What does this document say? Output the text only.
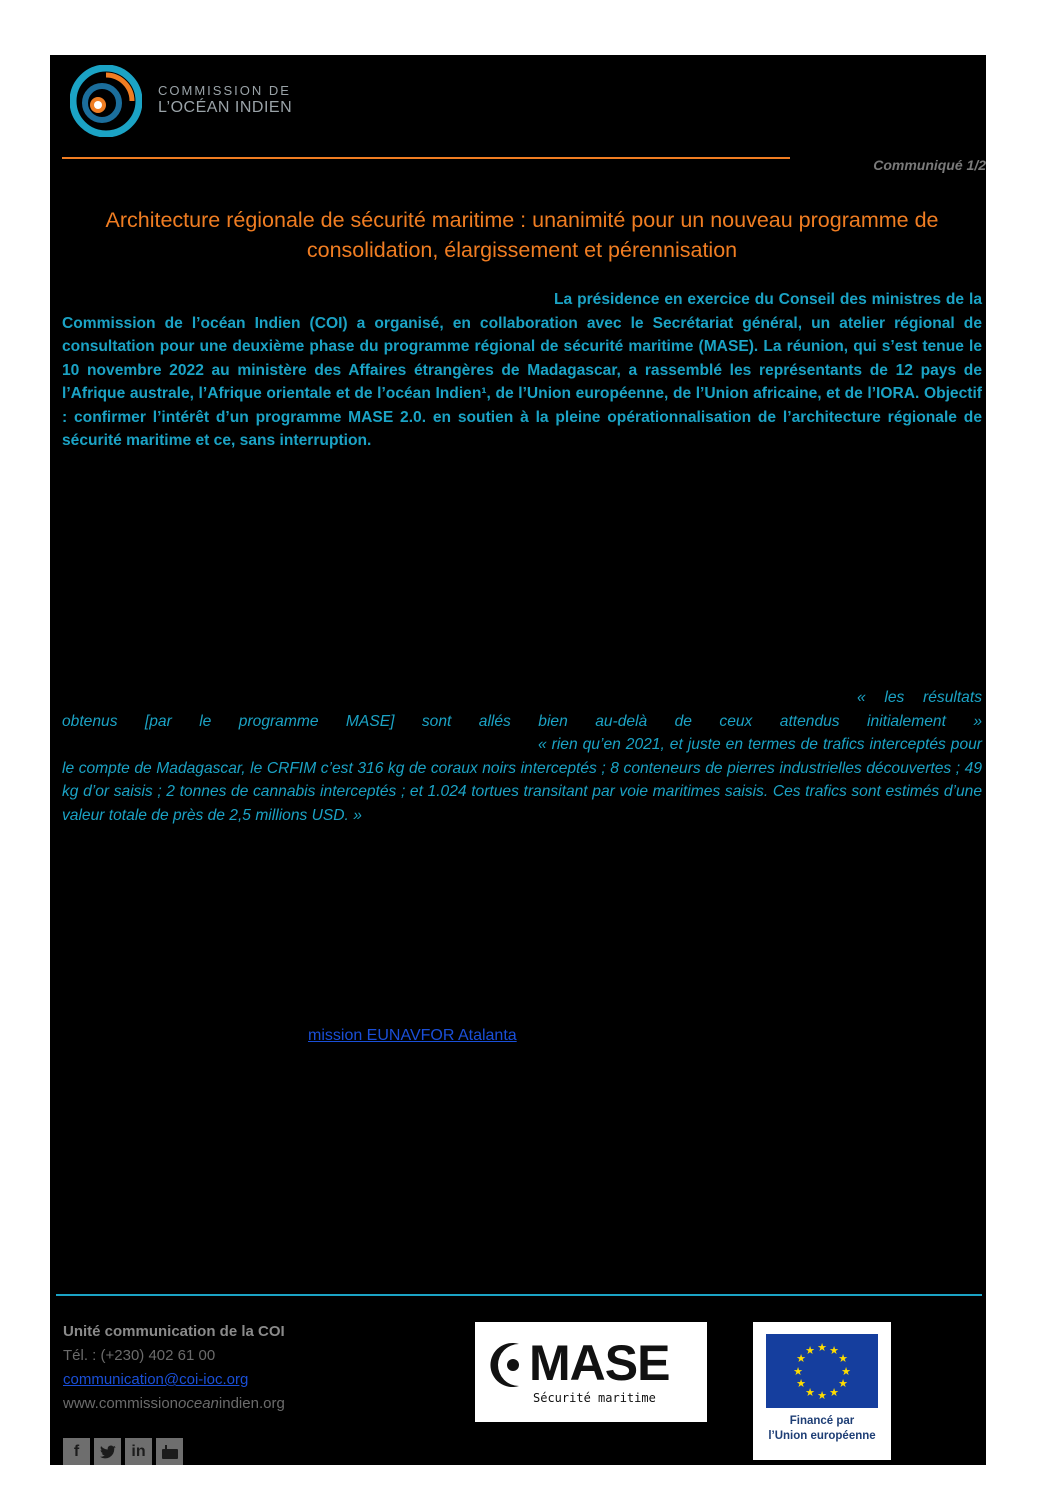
COMMISSION DE
L’OCÉAN INDIEN
Communiqué 1/2
Architecture régionale de sécurité maritime : unanimité pour un nouveau programme de consolidation, élargissement et pérennisation
La présidence en exercice du Conseil des ministres de la Commission de l’océan Indien (COI) a organisé, en collaboration avec le Secrétariat général, un atelier régional de consultation pour une deuxième phase du programme régional de sécurité maritime (MASE). La réunion, qui s’est tenue le 10 novembre 2022 au ministère des Affaires étrangères de Madagascar, a rassemblé les représentants de 12 pays de l’Afrique australe, l’Afrique orientale et de l’océan Indien¹, de l’Union européenne, de l’Union africaine, et de l’IORA. Objectif : confirmer l’intérêt d’un programme MASE 2.0. en soutien à la pleine opérationnalisation de l’architecture régionale de sécurité maritime et ce, sans interruption.
« les résultats obtenus [par le programme MASE] sont allés bien au-delà de ceux attendus initialement » « rien qu’en 2021, et juste en termes de trafics interceptés pour le compte de Madagascar, le CRFIM c’est 316 kg de coraux noirs interceptés ; 8 conteneurs de pierres industrielles découvertes ; 49 kg d’or saisis ; 2 tonnes de cannabis interceptés ; et 1.024 tortues transitant par voie maritimes saisis. Ces trafics sont estimés d’une valeur totale de près de 2,5 millions USD. »
mission EUNAVFOR Atalanta
Unité communication de la COI
Tél. : (+230) 402 61 00
communication@coi-ioc.org
www.commissionoceanindien.org
f	in
MASE
Sécurité maritime
★ ★
★
★
★
★
★
★
★
★
★
★
Financé par
l’Union européenne
